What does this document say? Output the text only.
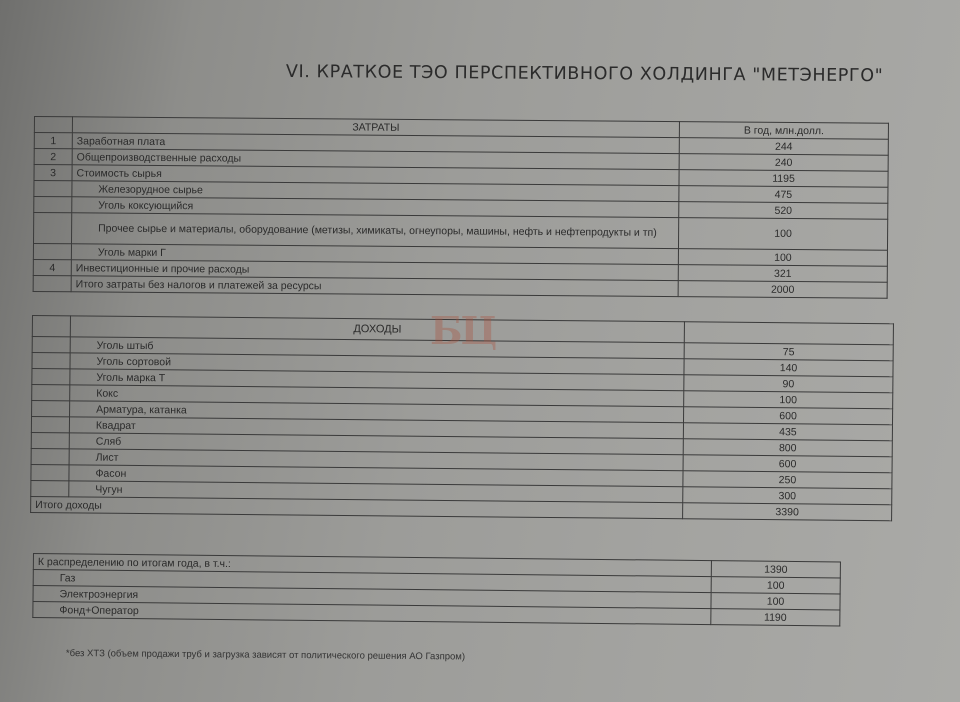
VI. КРАТКОЕ ТЭО ПЕРСПЕКТИВНОГО ХОЛДИНГА "МЕТЭНЕРГО"
	ЗАТРАТЫ	В год, млн.долл.
1	Заработная плата	244
2	Общепроизводственные расходы	240
3	Стоимость сырья	1195
	Железорудное сырье	475
	Уголь коксующийся	520
	Прочее сырье и материалы, оборудование (метизы, химикаты, огнеупоры, машины, нефть и нефтепродукты и тп)	100
	Уголь марки Г	100
4	Инвестиционные и прочие расходы	321
	Итого затраты без налогов и платежей за ресурсы	2000
	ДОХОДЫ	
	Уголь штыб	75
	Уголь сортовой	140
	Уголь марка Т	90
	Кокс	100
	Арматура, катанка	600
	Квадрат	435
	Сляб	800
	Лист	600
	Фасон	250
	Чугун	300
Итого доходы		3390
БЦ
К распределению по итогам года, в т.ч.:	1390
Газ	100
Электроэнергия	100
Фонд+Оператор	1190
*без ХТЗ (объем продажи труб и загрузка зависят от политического решения АО Газпром)
